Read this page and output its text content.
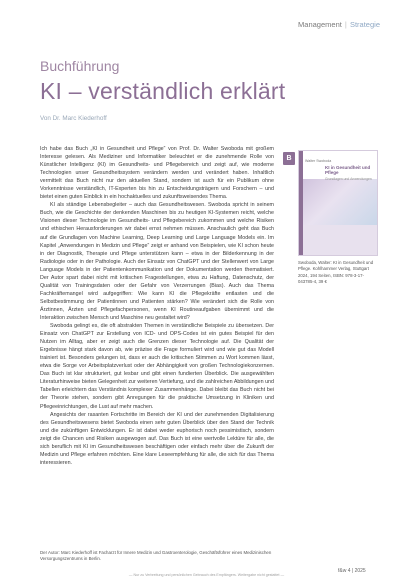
Management | Strategie
Buchführung
KI – verständlich erklärt
Von Dr. Marc Kiederhoff

Ich habe das Buch „KI in Gesundheit und Pflege“ von Prof. Dr. Walter Swoboda mit großem Interesse gelesen. Als Mediziner und Informatiker beleuchtet er die zunehmende Rolle von Künstlicher Intelligenz (KI) im Gesundheits- und Pflegebereich und zeigt auf, wie moderne Technologien unser Gesundheitssystem verändern werden und verändert haben. Inhaltlich vermittelt das Buch nicht nur den aktuellen Stand, sondern ist auch für ein Publikum ohne Vorkenntnisse verständlich, IT-Experten bis hin zu Entscheidungsträgern und Forschern – und bietet einen guten Einblick in ein hochaktuelles und zukunftsweisendes Thema.

KI als ständige Lebensbegleiter – auch das Gesundheitswesen. Swoboda spricht in seinem Buch, wie die Geschichte der denkenden Maschinen bis zu heutigen KI-Systemen reicht, welche Visionen dieser Technologie im Gesundheits- und Pflegebereich zukommen und welche Risiken und ethischen Herausforderungen wir dabei ernst nehmen müssen. Anschaulich geht das Buch auf die Grundlagen von Machine Learning, Deep Learning und Large Language Models ein. Im Kapitel „Anwendungen in Medizin und Pflege“ zeigt er anhand von Beispielen, wie KI schon heute in der Diagnostik, Therapie und Pflege unterstützen kann – etwa in der Bilderkennung in der Radiologie oder in der Pathologie. Auch der Einsatz von ChatGPT und der Stellenwert von Large Language Models in der Patientenkommunikation und der Dokumentation werden thematisiert. Der Autor spart dabei nicht mit kritischen Fragestellungen, etwa zu Haftung, Datenschutz, der Qualität von Trainingsdaten oder der Gefahr von Verzerrungen (Bias). Auch das Thema Fachkräftemangel wird aufgegriffen: Wie kann KI die Pflegekräfte entlasten und die Selbstbestimmung der Patientinnen und Patienten stärken? Wie verändert sich die Rolle von Ärztinnen, Ärzten und Pflegefachpersonen, wenn KI Routineaufgaben übernimmt und die Interaktion zwischen Mensch und Maschine neu gestaltet wird?

Swoboda gelingt es, die oft abstrakten Themen in verständliche Beispiele zu übersetzen. Der Einsatz von ChatGPT zur Erstellung von ICD- und OPS-Codes ist ein gutes Beispiel für den Nutzen im Alltag, aber er zeigt auch die Grenzen dieser Technologie auf. Die Qualität der Ergebnisse hängt stark davon ab, wie präzise die Frage formuliert wird und wie gut das Modell trainiert ist. Besonders gelungen ist, dass er auch die kritischen Stimmen zu Wort kommen lässt, etwa die Sorge vor Arbeitsplatzverlust oder der Abhängigkeit von großen Technologiekonzernen. Das Buch ist klar strukturiert, gut lesbar und gibt einen fundierten Überblick. Die ausgewählten Literaturhinweise bieten Gelegenheit zur weiteren Vertiefung, und die zahlreichen Abbildungen und Tabellen erleichtern das Verständnis komplexer Zusammenhänge. Dabei bleibt das Buch nicht bei der Theorie stehen, sondern gibt Anregungen für die praktische Umsetzung in Kliniken und Pflegeeinrichtungen, die Lust auf mehr machen.

Angesichts der rasanten Fortschritte im Bereich der KI und der zunehmenden Digitalisierung des Gesundheitswesens bietet Swoboda einen sehr guten Überblick über den Stand der Technik und die zukünftigen Entwicklungen. Er ist dabei weder euphorisch noch pessimistisch, sondern zeigt die Chancen und Risiken ausgewogen auf. Das Buch ist eine wertvolle Lektüre für alle, die sich beruflich mit KI im Gesundheitswesen beschäftigen oder einfach mehr über die Zukunft der Medizin und Pflege erfahren möchten. Eine klare Leseempfehlung für alle, die sich für das Thema interessieren.

Der Autor: Marc Kiederhoff ist Facharzt für Innere Medizin und Gastroenterologie, Geschäftsführer eines Medizinischen Versorgungszentrums in Berlin.
B	Walter Swoboda
KI in Gesundheit und Pflege
Grundlagen und Anwendungen
Swoboda, Walter: KI in Gesundheit und Pflege. Kohlhammer Verlag, Stuttgart 2024, 194 Seiten, ISBN: 978-3-17-043785-4, 39 €
f&w 4 | 2025
— Nur zu Verbreitung und persönlichen Gebrauch des Empfängers. Weitergabe nicht gestattet —
